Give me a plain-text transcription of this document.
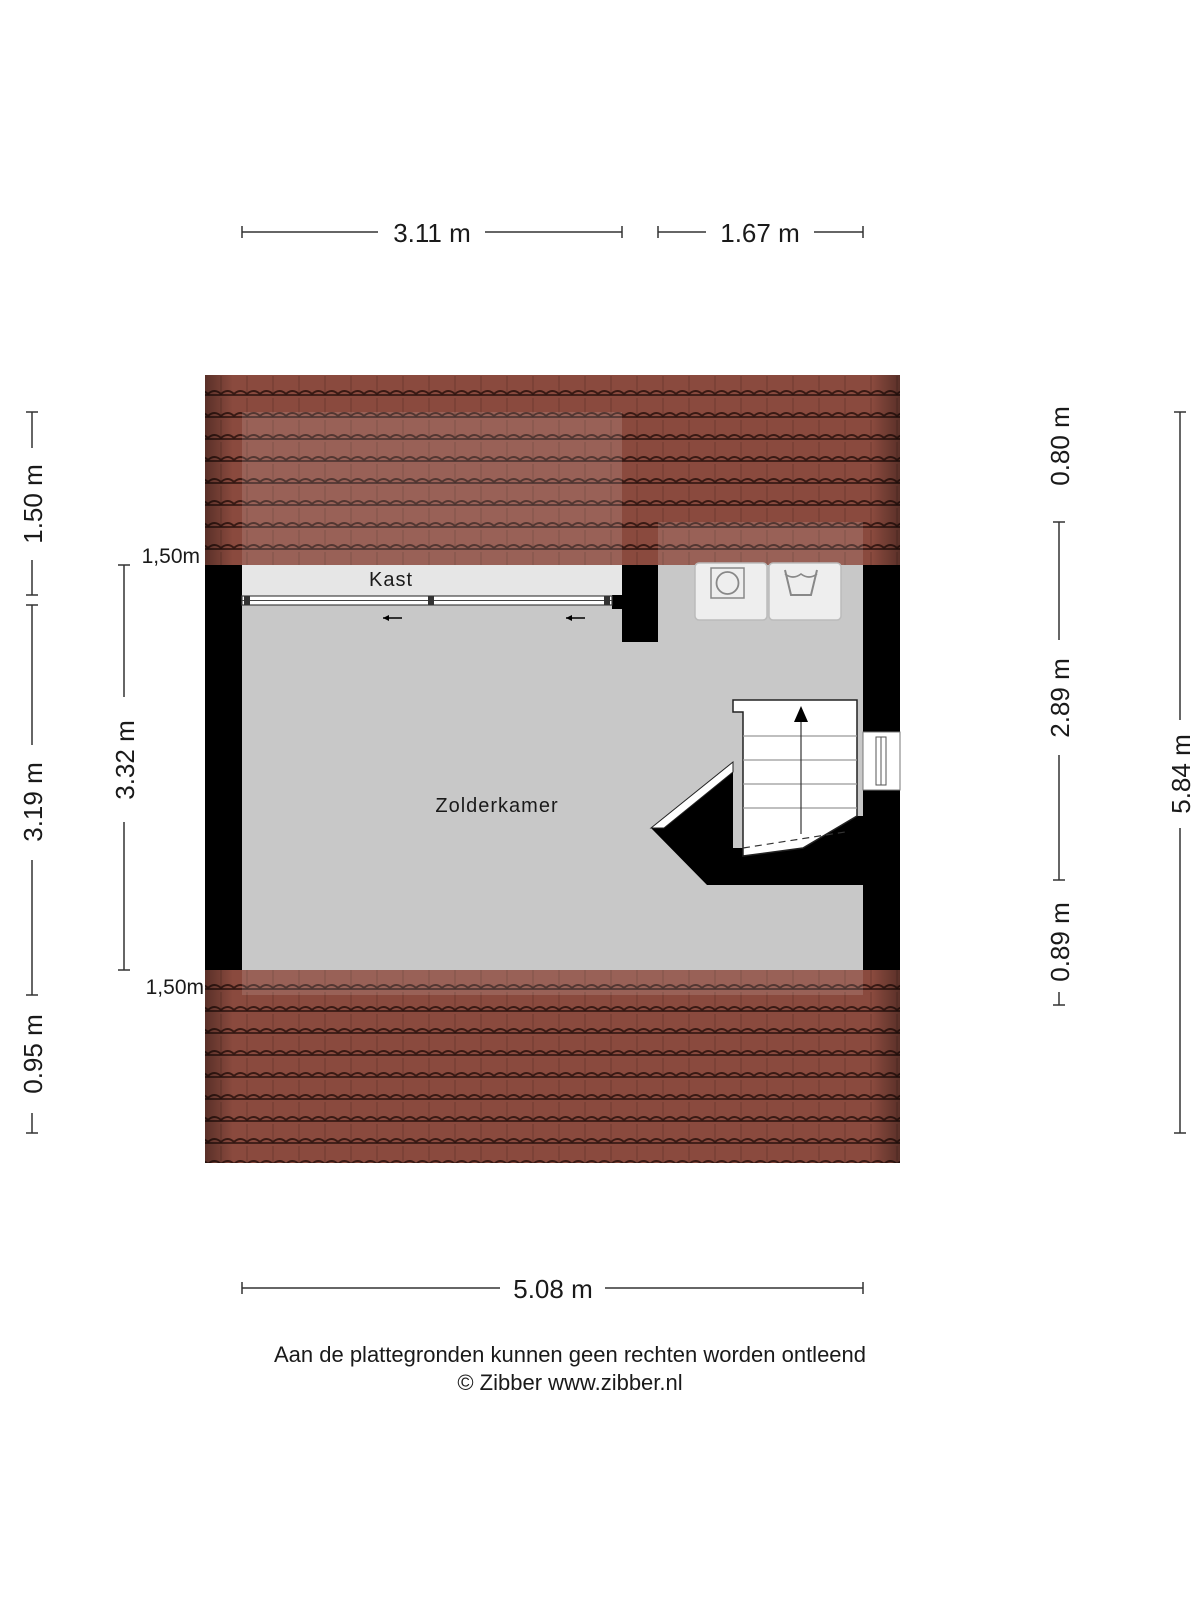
3.11 m	1.67 m
5.08 m
1.50 m
3.19 m
0.95 m
3.32 m
0.80 m
2.89 m
0.89 m
5.84 m
1,50m
1,50m
Kast
Zolderkamer
Aan de plattegronden kunnen geen rechten worden ontleend
© Zibber www.zibber.nl
